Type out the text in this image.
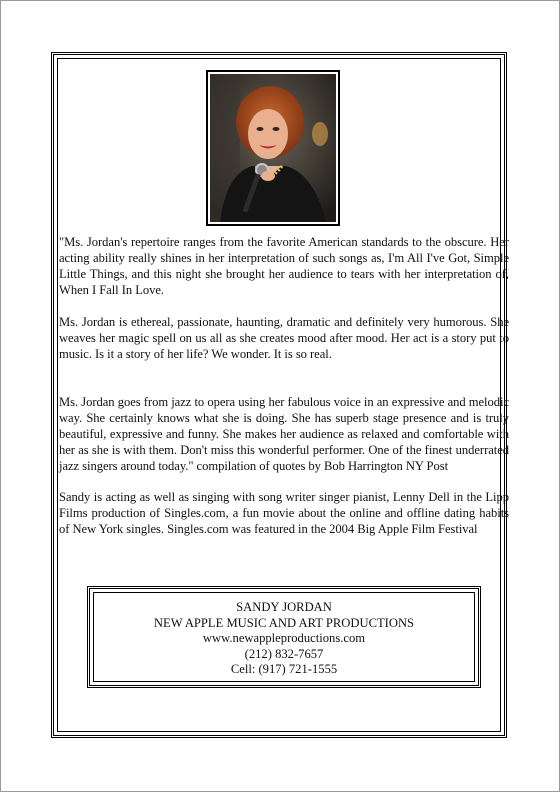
"Ms. Jordan's repertoire ranges from the favorite American standards to the obscure. Her acting ability really shines in her interpretation of such songs as, I'm All I've Got, Simple Little Things, and this night she brought her audience to tears with her interpretation of, When I Fall In Love.

Ms. Jordan is ethereal, passionate, haunting, dramatic and definitely very humorous. She weaves her magic spell on us all as she creates mood after mood. Her act is a story put to music. Is it a story of her life? We wonder. It is so real.

Ms. Jordan goes from jazz to opera using her fabulous voice in an expressive and melodic way. She certainly knows what she is doing. She has superb stage presence and is truly beautiful, expressive and funny. She makes her audience as relaxed and comfortable with her as she is with them. Don't miss this wonderful performer. One of the finest underrated jazz singers around today." compilation of quotes by Bob Harrington NY Post

Sandy is acting as well as singing with song writer singer pianist, Lenny Dell in the Lipp Films production of Singles.com, a fun movie about the online and offline dating habits of New York singles. Singles.com was featured in the 2004 Big Apple Film Festival

SANDY JORDAN
NEW APPLE MUSIC AND ART PRODUCTIONS
www.newappleproductions.com
(212) 832-7657
Cell: (917) 721-1555
